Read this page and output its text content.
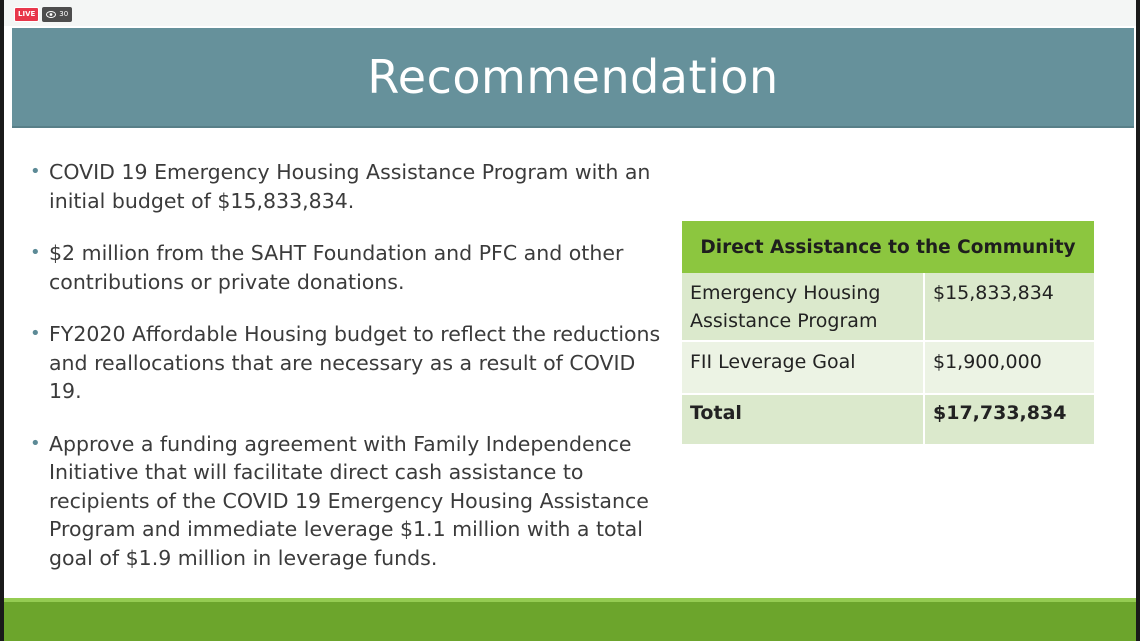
LIVE	30
Recommendation
• COVID 19 Emergency Housing Assistance Program with an initial budget of $15,833,834.
• $2 million from the SAHT Foundation and PFC and other contributions or private donations.
• FY2020 Affordable Housing budget to reflect the reductions and reallocations that are necessary as a result of COVID 19.
• Approve a funding agreement with Family Independence Initiative that will facilitate direct cash assistance to recipients of the COVID 19 Emergency Housing Assistance Program and immediate leverage $1.1 million with a total goal of $1.9 million in leverage funds.
Direct Assistance to the Community	
Emergency Housing Assistance Program	$15,833,834
FII Leverage Goal	$1,900,000
Total	$17,733,834
